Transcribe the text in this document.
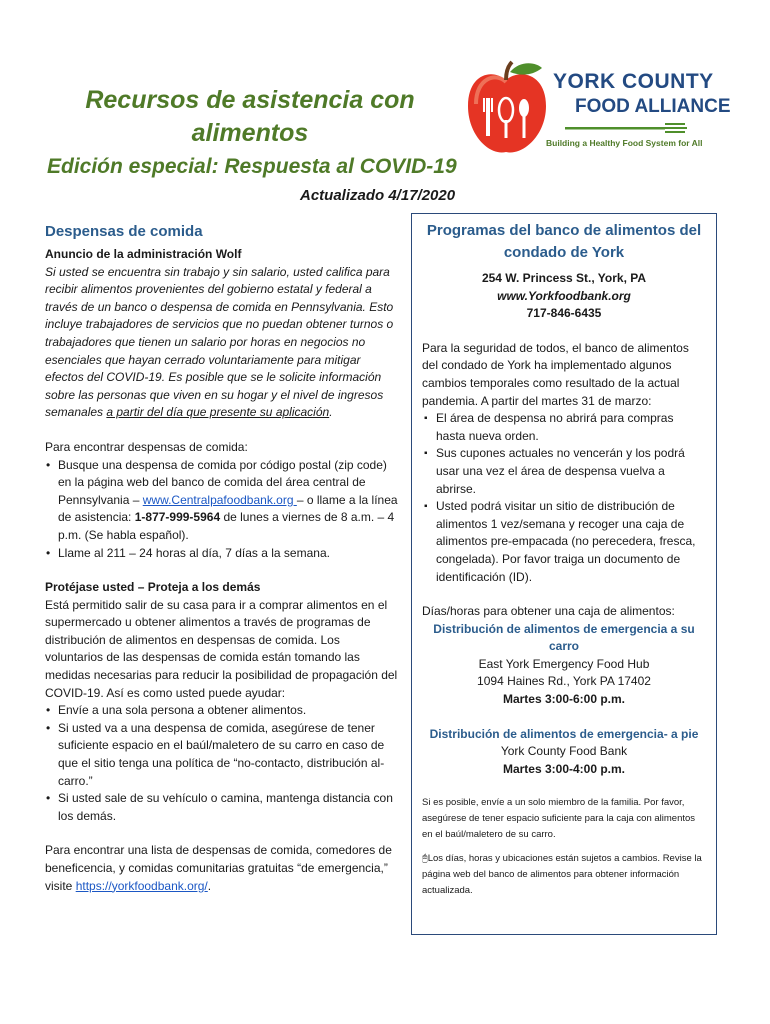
Recursos de asistencia con
alimentos
Edición especial: Respuesta al COVID-19
Actualizado 4/17/2020
YORK COUNTY
FOOD ALLIANCE
Building a Healthy Food System for All
Despensas de comida

Anuncio de la administración Wolf

Si usted se encuentra sin trabajo y sin salario, usted califica para recibir alimentos provenientes del gobierno estatal y federal a través de un banco o despensa de comida en Pennsylvania. Esto incluye trabajadores de servicios que no puedan obtener turnos o trabajadores que tienen un salario por horas en negocios no esenciales que hayan cerrado voluntariamente para mitigar efectos del COVID-19. Es posible que se le solicite información sobre las personas que viven en su hogar y el nivel de ingresos semanales a partir del día que presente su aplicación.

Para encontrar despensas de comida:

• Busque una despensa de comida por código postal (zip code) en la página web del banco de comida del área central de Pennsylvania – www.Centralpafoodbank.org – o llame a la línea de asistencia: 1-877-999-5964 de lunes a viernes de 8 a.m. – 4 p.m. (Se habla español).
• Llame al 211 – 24 horas al día, 7 días a la semana.

Protéjase usted – Proteja a los demás

Está permitido salir de su casa para ir a comprar alimentos en el supermercado u obtener alimentos a través de programas de distribución de alimentos en despensas de comida. Los voluntarios de las despensas de comida están tomando las medidas necesarias para reducir la posibilidad de propagación del COVID-19. Así es como usted puede ayudar:

• Envíe a una sola persona a obtener alimentos.
• Si usted va a una despensa de comida, asegúrese de tener suficiente espacio en el baúl/maletero de su carro en caso de que el sitio tenga una política de “no-contacto, distribución al-carro.”
• Si usted sale de su vehículo o camina, mantenga distancia con los demás.

Para encontrar una lista de despensas de comida, comedores de beneficencia, y comidas comunitarias gratuitas “de emergencia,” visite https://yorkfoodbank.org/.

Programas del banco de alimentos del condado de York

254 W. Princess St., York, PA

www.Yorkfoodbank.org

717-846-6435

Para la seguridad de todos, el banco de alimentos del condado de York ha implementado algunos cambios temporales como resultado de la actual pandemia. A partir del martes 31 de marzo:

▪ El área de despensa no abrirá para compras hasta nueva orden.
▪ Sus cupones actuales no vencerán y los podrá usar una vez el área de despensa vuelva a abrirse.
▪ Usted podrá visitar un sitio de distribución de alimentos 1 vez/semana y recoger una caja de alimentos pre-empacada (no perecedera, fresca, congelada). Por favor traiga un documento de identificación (ID).

Días/horas para obtener una caja de alimentos:

Distribución de alimentos de emergencia a su carro

East York Emergency Food Hub

1094 Haines Rd., York PA 17402

Martes 3:00-6:00 p.m.

Distribución de alimentos de emergencia- a pie

York County Food Bank

Martes 3:00-4:00 p.m.

Si es posible, envíe a un solo miembro de la familia. Por favor, asegúrese de tener espacio suficiente para la caja con alimentos en el baúl/maletero de su carro.

🖰Los días, horas y ubicaciones están sujetos a cambios. Revise la página web del banco de alimentos para obtener información actualizada.
